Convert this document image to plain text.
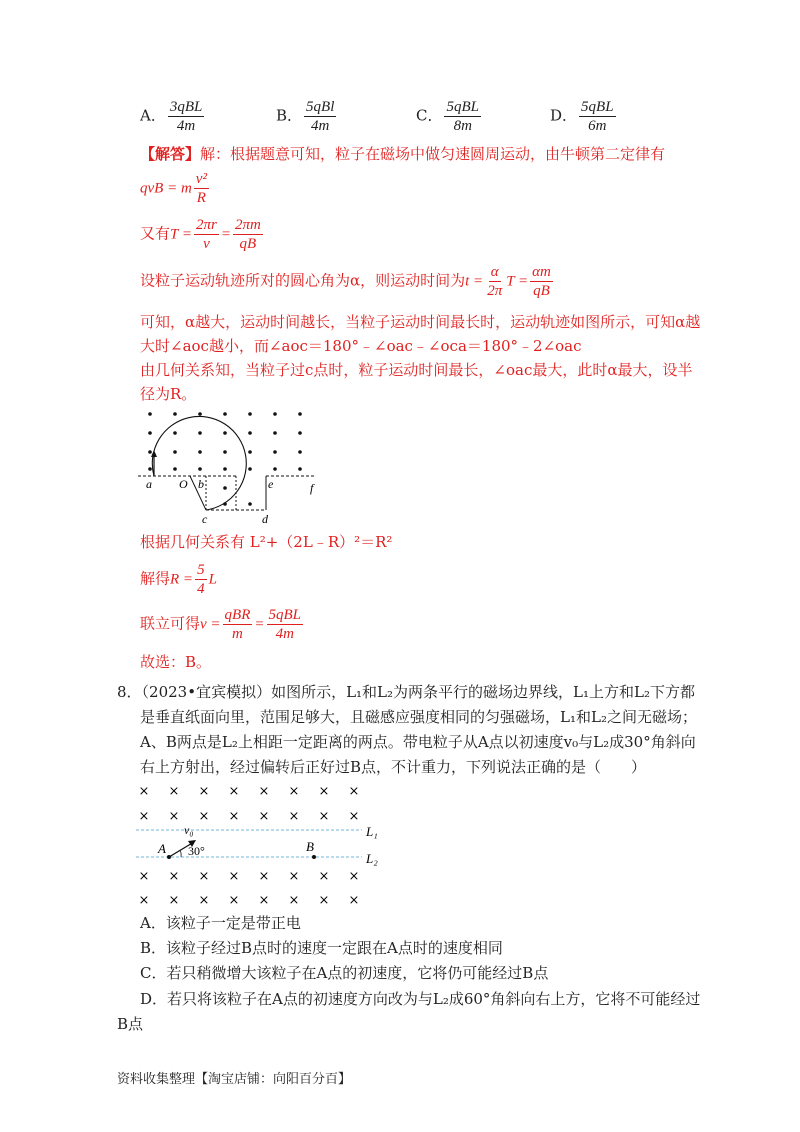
A． $\frac{\text{3qBL}}{4m}$	B． $\frac{\text{5qBl}}{4m}$	C． $\frac{\text{5qBL}}{8m}$	D． $\frac{\text{5qBL}}{6m}$
【解答】解：根据题意可知，粒子在磁场中做匀速圆周运动，由牛顿第二定律有
qvB = m $\frac{\text{v²}}{R}$
又有$T = \frac{2\pi r}{v} = \frac{2\pi m}{qB}$
设粒子运动轨迹所对的圆心角为α，则运动时间为$t = \frac{\alpha}{2\pi}$ $T = \frac{\alpha m}{qB}$
可知，α越大，运动时间越长，当粒子运动时间最长时，运动轨迹如图所示，可知α越
大时∠aoc越小，而∠aoc＝180°﹣∠oac﹣∠oca＝180°﹣2∠oac
由几何关系知，当粒子过c点时，粒子运动时间最长，∠oac最大，此时α最大，设半
径为R。
a O b
c	d
e	f
根据几何关系有 L²+（2L﹣R）²＝R²
解得$R = \frac{5}{4}$ L
联立可得$v = \frac{\text{qBR}}{m} = \frac{\text{5qBL}}{4m}$
故选：B。
8．（2023•宜宾模拟）如图所示，L₁和L₂为两条平行的磁场边界线，L₁上方和L₂下方都
是垂直纸面向里，范围足够大，且磁感应强度相同的匀强磁场，L₁和L₂之间无磁场；
A、B两点是L₂上相距一定距离的两点。带电粒子从A点以初速度v₀与L₂成30°角斜向
右上方射出，经过偏转后正好过B点，不计重力，下列说法正确的是（　　）
×
× × × × × × × ×
× × × × × × × ×
L₁
L₂
A
v₀
30°	B
× × × × × × × ×
× × × × × × × ×
A．该粒子一定是带正电
B．该粒子经过B点时的速度一定跟在A点时的速度相同
C．若只稍微增大该粒子在A点的初速度，它将仍可能经过B点
D．若只将该粒子在A点的初速度方向改为与L₂成60°角斜向右上方，它将不可能经过
B点
资料收集整理【淘宝店铺：向阳百分百】
